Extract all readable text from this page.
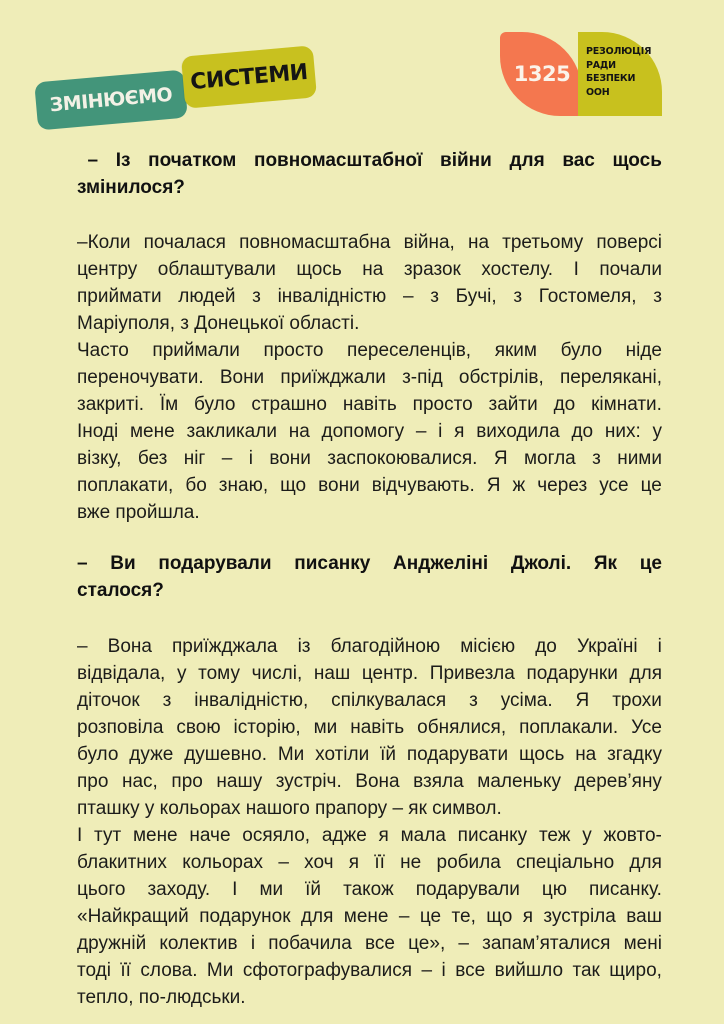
ЗМІНЮЄМО
СИСТЕМИ	1325
РЕЗОЛЮЦІЯ
РАДИ
БЕЗПЕКИ
ООН
– Із початком повномасштабної війни для вас щось
змінилося?
–Коли почалася повномасштабна війна, на третьому поверсі
центру облаштували щось на зразок хостелу. І почали
приймати людей з інвалідністю – з Бучі, з Гостомеля, з
Маріуполя, з Донецької області.
Часто приймали просто переселенців, яким було ніде
переночувати. Вони приїжджали з-під обстрілів, перелякані,
закриті. Їм було страшно навіть просто зайти до кімнати.
Іноді мене закликали на допомогу – і я виходила до них: у
візку, без ніг – і вони заспокоювалися. Я могла з ними
поплакати, бо знаю, що вони відчувають. Я ж через усе це
вже пройшла.
– Ви подарували писанку Анджеліні Джолі. Як це
сталося?
– Вона приїжджала із благодійною місією до Україні і
відвідала, у тому числі, наш центр. Привезла подарунки для
діточок з інвалідністю, спілкувалася з усіма. Я трохи
розповіла свою історію, ми навіть обнялися, поплакали. Усе
було дуже душевно. Ми хотіли їй подарувати щось на згадку
про нас, про нашу зустріч. Вона взяла маленьку дерев’яну
пташку у кольорах нашого прапору – як символ.
І тут мене наче осяяло, адже я мала писанку теж у жовто-
блакитних кольорах – хоч я її не робила спеціально для
цього заходу. І ми їй також подарували цю писанку.
«Найкращий подарунок для мене – це те, що я зустріла ваш
дружній колектив і побачила все це», – запам’яталися мені
тоді її слова. Ми сфотографувалися – і все вийшло так щиро,
тепло, по-людськи.
